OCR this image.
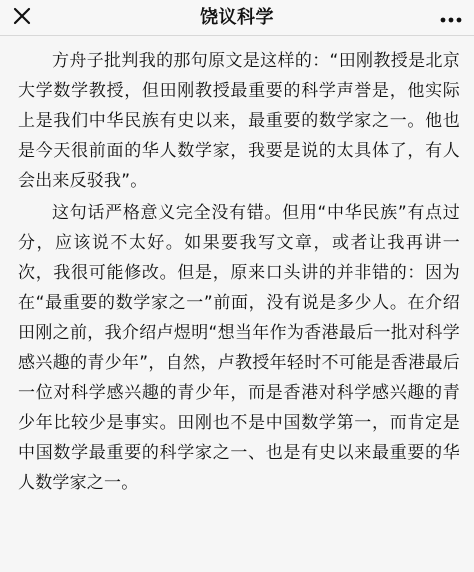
饶议科学

方舟子批判我的那句原文是这样的：“田刚教授是北京大学数学教授，但田刚教授最重要的科学声誉是，他实际上是我们中华民族有史以来，最重要的数学家之一。他也是今天很前面的华人数学家，我要是说的太具体了，有人会出来反驳我”。

这句话严格意义完全没有错。但用“中华民族”有点过分，应该说不太好。如果要我写文章，或者让我再讲一次，我很可能修改。但是，原来口头讲的并非错的：因为在“最重要的数学家之一”前面，没有说是多少人。在介绍田刚之前，我介绍卢煜明“想当年作为香港最后一批对科学感兴趣的青少年”，自然，卢教授年轻时不可能是香港最后一位对科学感兴趣的青少年，而是香港对科学感兴趣的青少年比较少是事实。田刚也不是中国数学第一，而肯定是中国数学最重要的科学家之一、也是有史以来最重要的华人数学家之一。
